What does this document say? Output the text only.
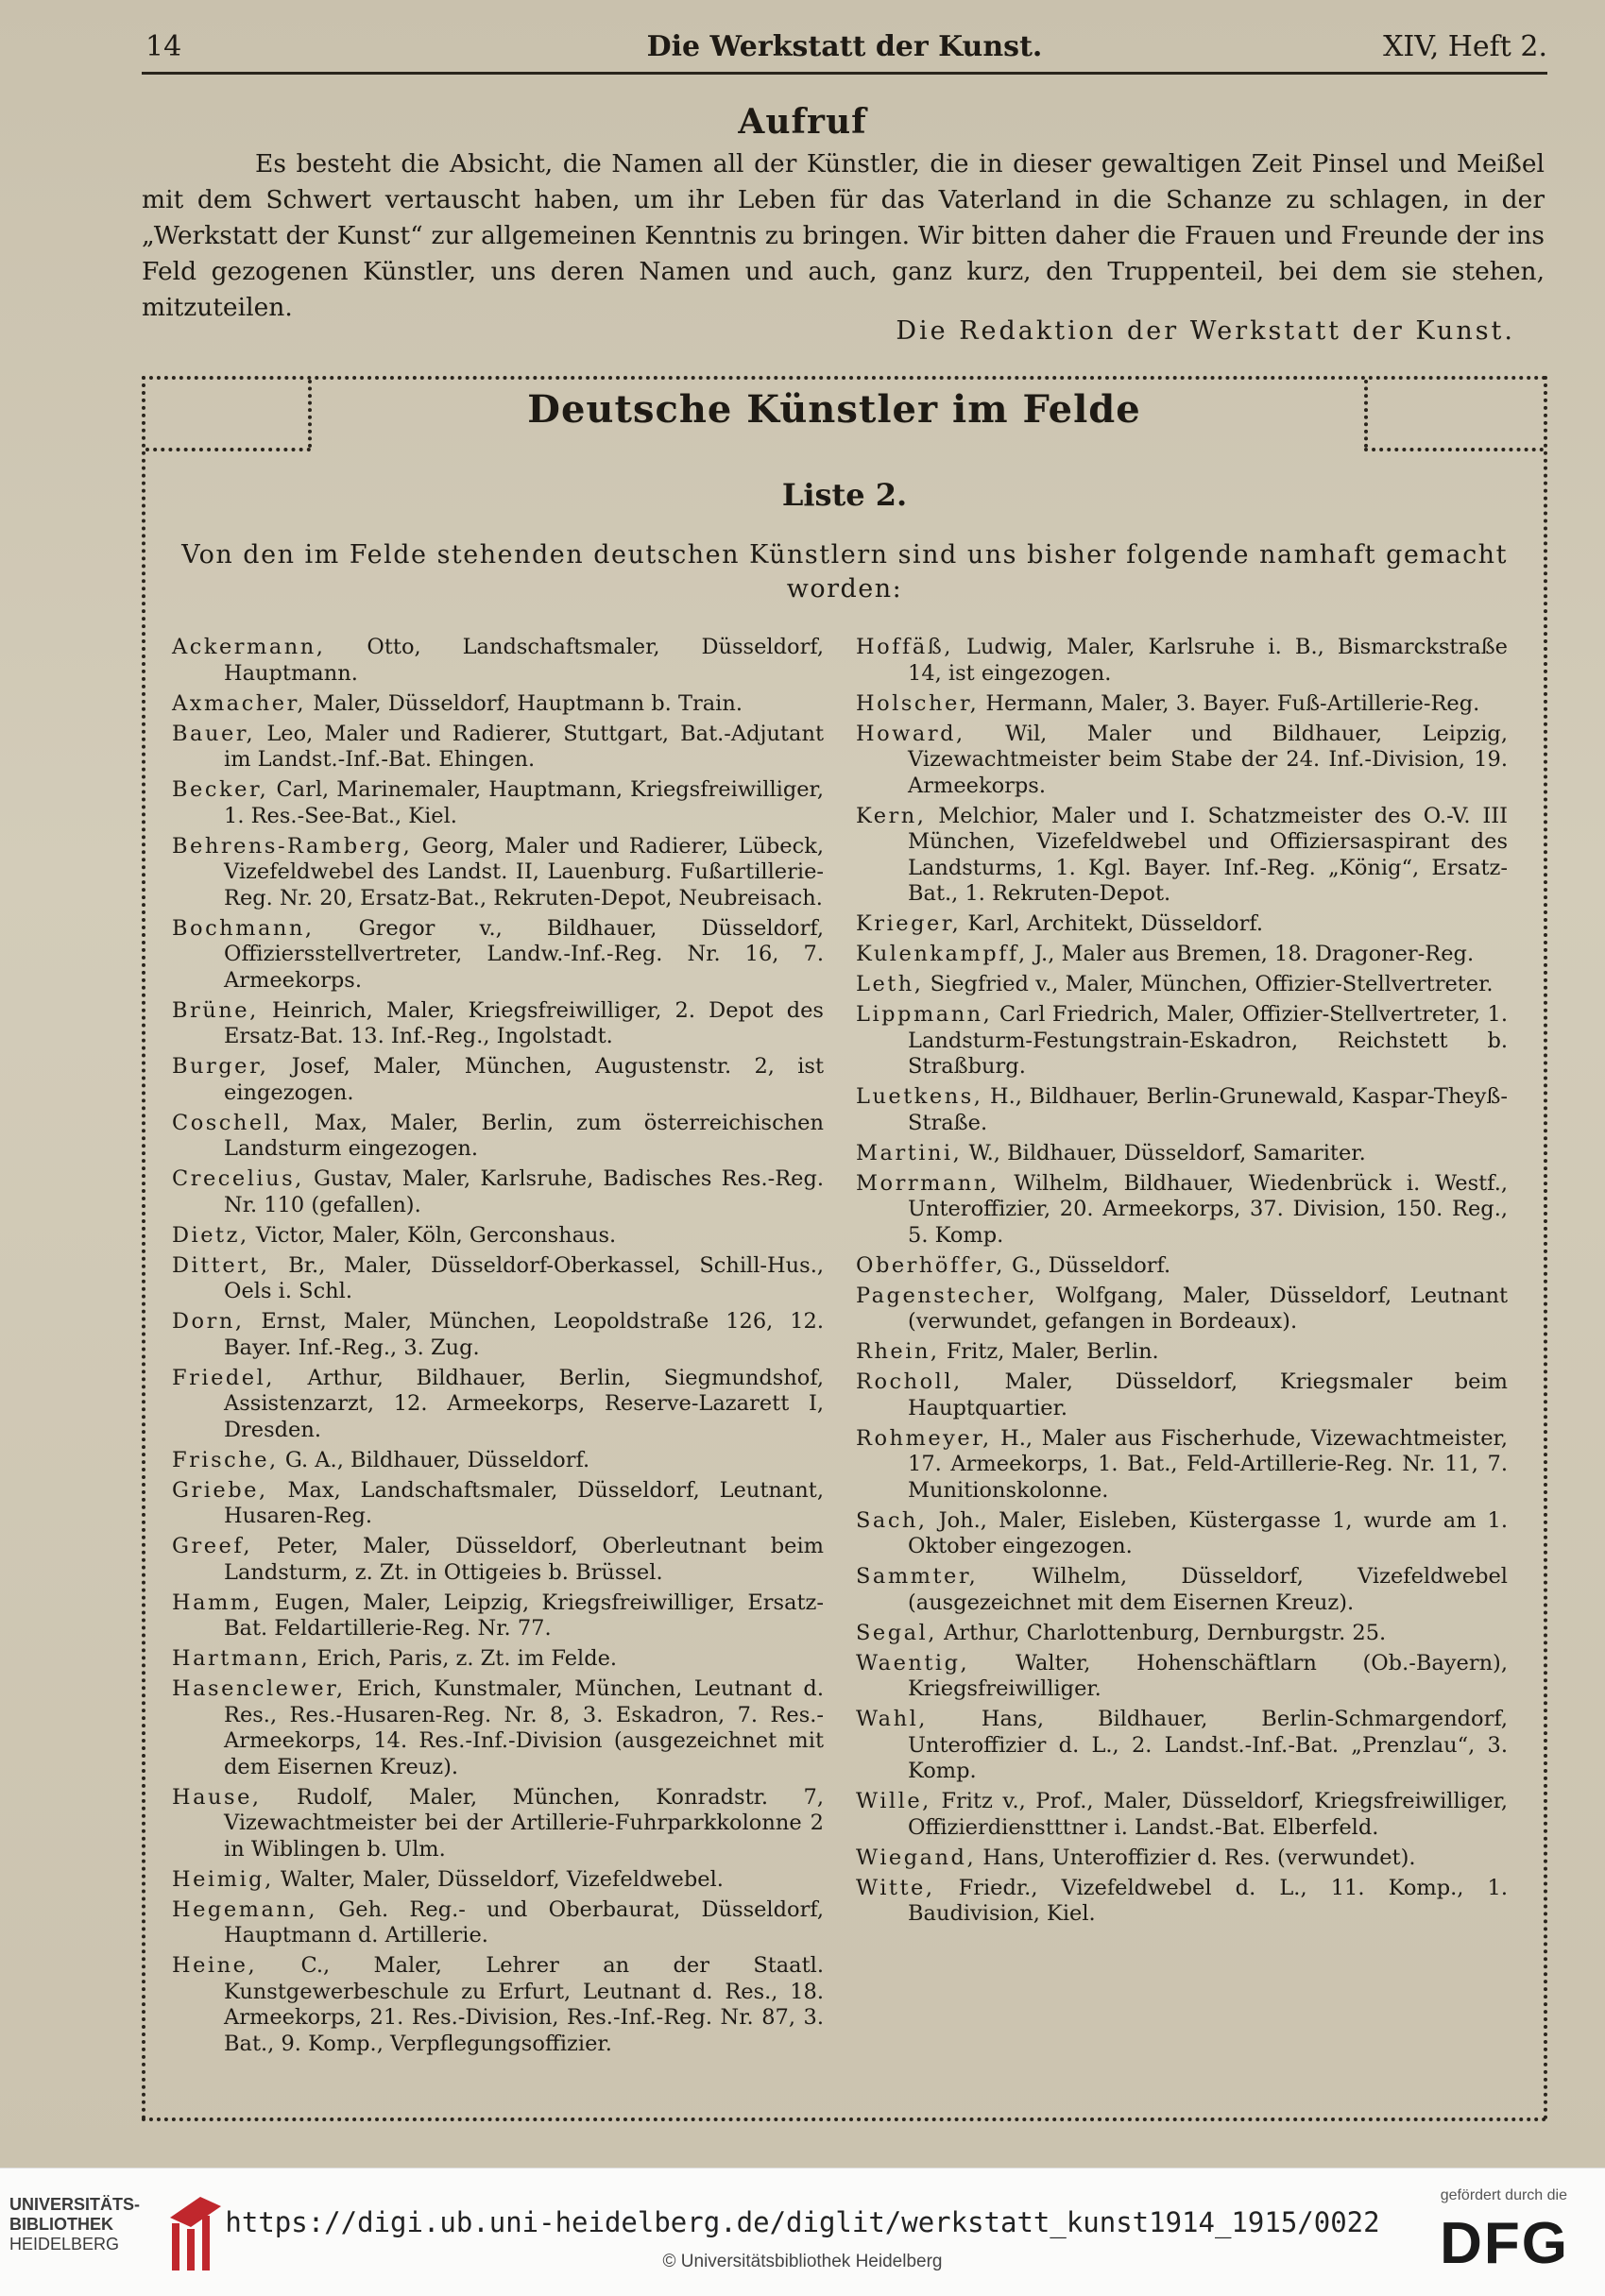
14	Die Werkstatt der Kunst.	XIV, Heft 2.
Aufruf
Es besteht die Absicht, die Namen all der Künstler, die in dieser gewaltigen Zeit Pinsel und Meißel mit dem Schwert vertauscht haben, um ihr Leben für das Vaterland in die Schanze zu schlagen, in der „Werkstatt der Kunst“ zur allgemeinen Kenntnis zu bringen. Wir bitten daher die Frauen und Freunde der ins Feld gezogenen Künstler, uns deren Namen und auch, ganz kurz, den Truppenteil, bei dem sie stehen, mitzuteilen.
Die Redaktion der Werkstatt der Kunst.
Deutsche Künstler im Felde
Liste 2.
Von den im Felde stehenden deutschen Künstlern sind uns bisher folgende namhaft gemacht worden:
Ackermann, Otto, Landschaftsmaler, Düsseldorf, Hauptmann.
Axmacher, Maler, Düsseldorf, Hauptmann b. Train.
Bauer, Leo, Maler und Radierer, Stuttgart, Bat.-Adjutant im Landst.-Inf.-Bat. Ehingen.
Becker, Carl, Marinemaler, Hauptmann, Kriegsfreiwilliger, 1. Res.-See-Bat., Kiel.
Behrens-Ramberg, Georg, Maler und Radierer, Lübeck, Vizefeldwebel des Landst. II, Lauenburg. Fußartillerie-Reg. Nr. 20, Ersatz-Bat., Rekruten-Depot, Neubreisach.
Bochmann, Gregor v., Bildhauer, Düsseldorf, Offiziersstellvertreter, Landw.-Inf.-Reg. Nr. 16, 7. Armeekorps.
Brüne, Heinrich, Maler, Kriegsfreiwilliger, 2. Depot des Ersatz-Bat. 13. Inf.-Reg., Ingolstadt.
Burger, Josef, Maler, München, Augustenstr. 2, ist eingezogen.
Coschell, Max, Maler, Berlin, zum österreichischen Landsturm eingezogen.
Crecelius, Gustav, Maler, Karlsruhe, Badisches Res.-Reg. Nr. 110 (gefallen).
Dietz, Victor, Maler, Köln, Gerconshaus.
Dittert, Br., Maler, Düsseldorf-Oberkassel, Schill-Hus., Oels i. Schl.
Dorn, Ernst, Maler, München, Leopoldstraße 126, 12. Bayer. Inf.-Reg., 3. Zug.
Friedel, Arthur, Bildhauer, Berlin, Siegmundshof, Assistenzarzt, 12. Armeekorps, Reserve-Lazarett I, Dresden.
Frische, G. A., Bildhauer, Düsseldorf.
Griebe, Max, Landschaftsmaler, Düsseldorf, Leutnant, Husaren-Reg.
Greef, Peter, Maler, Düsseldorf, Oberleutnant beim Landsturm, z. Zt. in Ottigeies b. Brüssel.
Hamm, Eugen, Maler, Leipzig, Kriegsfreiwilliger, Ersatz-Bat. Feldartillerie-Reg. Nr. 77.
Hartmann, Erich, Paris, z. Zt. im Felde.
Hasenclewer, Erich, Kunstmaler, München, Leutnant d. Res., Res.-Husaren-Reg. Nr. 8, 3. Eskadron, 7. Res.-Armeekorps, 14. Res.-Inf.-Division (ausgezeichnet mit dem Eisernen Kreuz).
Hause, Rudolf, Maler, München, Konradstr. 7, Vizewachtmeister bei der Artillerie-Fuhrparkkolonne 2 in Wiblingen b. Ulm.
Heimig, Walter, Maler, Düsseldorf, Vizefeldwebel.
Hegemann, Geh. Reg.- und Oberbaurat, Düsseldorf, Hauptmann d. Artillerie.
Heine, C., Maler, Lehrer an der Staatl. Kunstgewerbeschule zu Erfurt, Leutnant d. Res., 18. Armeekorps, 21. Res.-Division, Res.-Inf.-Reg. Nr. 87, 3. Bat., 9. Komp., Verpflegungsoffizier.
Hoffäß, Ludwig, Maler, Karlsruhe i. B., Bismarckstraße 14, ist eingezogen.
Holscher, Hermann, Maler, 3. Bayer. Fuß-Artillerie-Reg.
Howard, Wil, Maler und Bildhauer, Leipzig, Vizewachtmeister beim Stabe der 24. Inf.-Division, 19. Armeekorps.
Kern, Melchior, Maler und I. Schatzmeister des O.-V. III München, Vizefeldwebel und Offiziersaspirant des Landsturms, 1. Kgl. Bayer. Inf.-Reg. „König“, Ersatz-Bat., 1. Rekruten-Depot.
Krieger, Karl, Architekt, Düsseldorf.
Kulenkampff, J., Maler aus Bremen, 18. Dragoner-Reg.
Leth, Siegfried v., Maler, München, Offizier-Stellvertreter.
Lippmann, Carl Friedrich, Maler, Offizier-Stellvertreter, 1. Landsturm-Festungstrain-Eskadron, Reichstett b. Straßburg.
Luetkens, H., Bildhauer, Berlin-Grunewald, Kaspar-Theyß-Straße.
Martini, W., Bildhauer, Düsseldorf, Samariter.
Morrmann, Wilhelm, Bildhauer, Wiedenbrück i. Westf., Unteroffizier, 20. Armeekorps, 37. Division, 150. Reg., 5. Komp.
Oberhöffer, G., Düsseldorf.
Pagenstecher, Wolfgang, Maler, Düsseldorf, Leutnant (verwundet, gefangen in Bordeaux).
Rhein, Fritz, Maler, Berlin.
Rocholl, Maler, Düsseldorf, Kriegsmaler beim Hauptquartier.
Rohmeyer, H., Maler aus Fischerhude, Vizewachtmeister, 17. Armeekorps, 1. Bat., Feld-Artillerie-Reg. Nr. 11, 7. Munitionskolonne.
Sach, Joh., Maler, Eisleben, Küstergasse 1, wurde am 1. Oktober eingezogen.
Sammter,	Wilhelm, Düsseldorf, Vizefeldwebel (ausgezeichnet mit dem Eisernen Kreuz).
Segal, Arthur, Charlottenburg, Dernburgstr. 25.
Waentig, Walter, Hohenschäftlarn (Ob.-Bayern), Kriegsfreiwilliger.
Wahl,	Hans, Bildhauer, Berlin-Schmargendorf, Unteroffizier d. L., 2. Landst.-Inf.-Bat. „Prenzlau“, 3. Komp.
Wille, Fritz v., Prof., Maler, Düsseldorf, Kriegsfreiwilliger, Offizierdienstttner i. Landst.-Bat. Elberfeld.
Wiegand, Hans, Unteroffizier d. Res. (verwundet).
Witte, Friedr., Vizefeldwebel d. L., 11. Komp., 1. Baudivision, Kiel.
UNIVERSITÄTS-
BIBLIOTHEK
HEIDELBERG
https://digi.ub.uni-heidelberg.de/diglit/werkstatt_kunst1914_1915/0022
© Universitätsbibliothek Heidelberg
gefördert durch die
DFG
